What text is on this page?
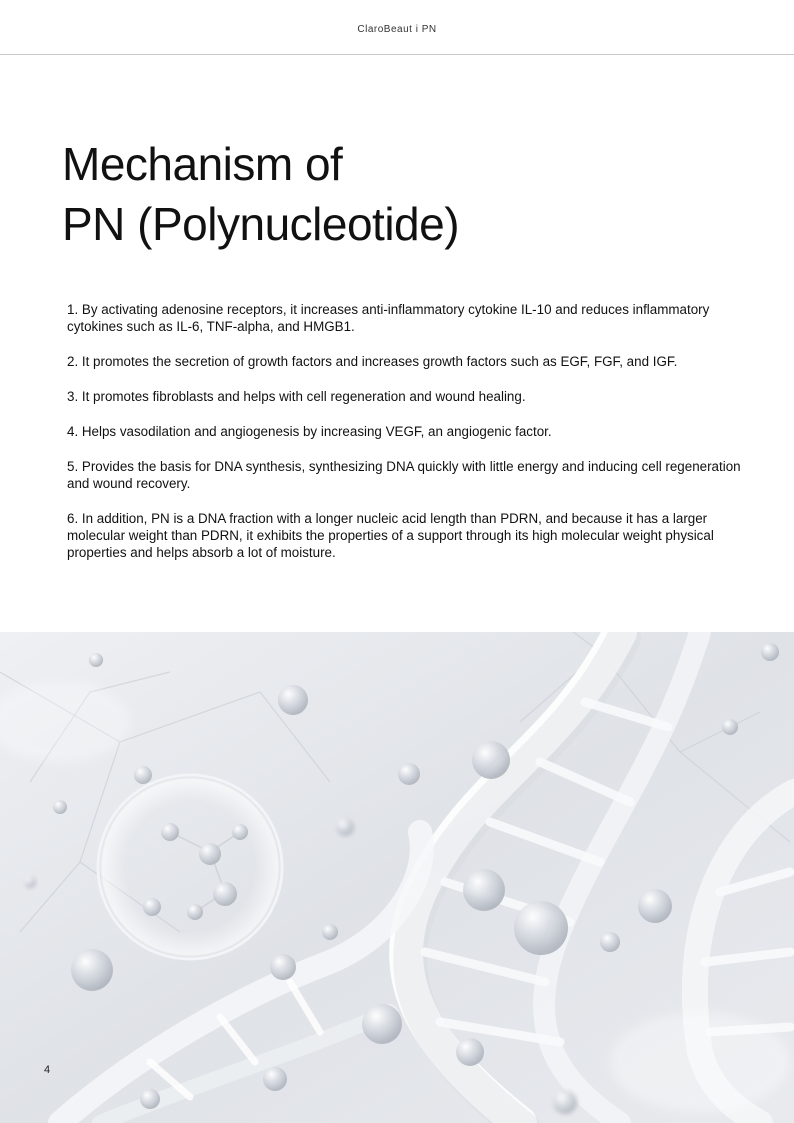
ClaroBeaut i PN
Mechanism of
PN (Polynucleotide)
1. By activating adenosine receptors, it increases anti-inflammatory cytokine IL-10 and reduces inflammatory cytokines such as IL-6, TNF-alpha, and HMGB1.
2. It promotes the secretion of growth factors and increases growth factors such as EGF, FGF, and IGF.
3. It promotes fibroblasts and helps with cell regeneration and wound healing.
4. Helps vasodilation and angiogenesis by increasing VEGF, an angiogenic factor.
5. Provides the basis for DNA synthesis, synthesizing DNA quickly with little energy and inducing cell regeneration and wound recovery.
6. In addition, PN is a DNA fraction with a longer nucleic acid length than PDRN, and because it has a larger molecular weight than PDRN, it exhibits the properties of a support through its high molecular weight physical properties and helps absorb a lot of moisture.
4
